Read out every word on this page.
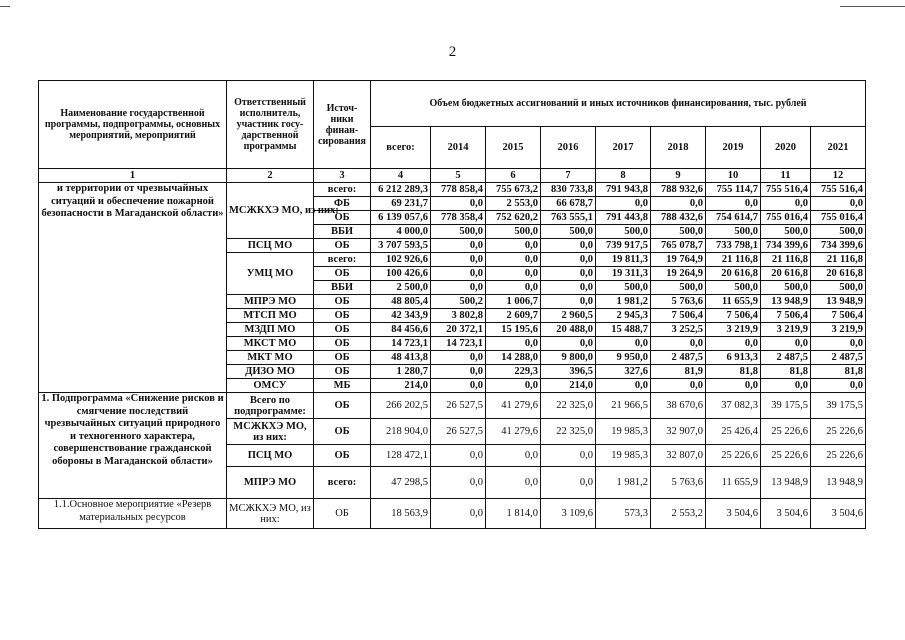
2
Наименование государственной программы, подпрограммы, основных мероприятий, мероприятий	Ответственный исполнитель, участник госу-дарственной программы	Источ-ники финан-сирования	Объем бюджетных ассигнований и иных источников финансирования, тыс. рублей								
			всего:	2014	2015	2016	2017	2018	2019	2020	2021
1	2	3	4	5	6	7	8	9	10	11	12
и территории от чрезвычайных ситуаций и обеспечение пожарной безопасности в Магаданской области»	МСЖКХЭ МО, из них:	всего:	6 212 289,3	778 858,4	755 673,2	830 733,8	791 943,8	788 932,6	755 114,7	755 516,4	755 516,4
		ФБ	69 231,7	0,0	2 553,0	66 678,7	0,0	0,0	0,0	0,0	0,0
		ОБ	6 139 057,6	778 358,4	752 620,2	763 555,1	791 443,8	788 432,6	754 614,7	755 016,4	755 016,4
		ВБИ	4 000,0	500,0	500,0	500,0	500,0	500,0	500,0	500,0	500,0
	ПСЦ МО	ОБ	3 707 593,5	0,0	0,0	0,0	739 917,5	765 078,7	733 798,1	734 399,6	734 399,6
	УМЦ МО	всего:	102 926,6	0,0	0,0	0,0	19 811,3	19 764,9	21 116,8	21 116,8	21 116,8
		ОБ	100 426,6	0,0	0,0	0,0	19 311,3	19 264,9	20 616,8	20 616,8	20 616,8
		ВБИ	2 500,0	0,0	0,0	0,0	500,0	500,0	500,0	500,0	500,0
	МПРЭ МО	ОБ	48 805,4	500,2	1 006,7	0,0	1 981,2	5 763,6	11 655,9	13 948,9	13 948,9
	МТСП МО	ОБ	42 343,9	3 802,8	2 609,7	2 960,5	2 945,3	7 506,4	7 506,4	7 506,4	7 506,4
	МЗДП МО	ОБ	84 456,6	20 372,1	15 195,6	20 488,0	15 488,7	3 252,5	3 219,9	3 219,9	3 219,9
	МКСТ МО	ОБ	14 723,1	14 723,1	0,0	0,0	0,0	0,0	0,0	0,0	0,0
	МКТ МО	ОБ	48 413,8	0,0	14 288,0	9 800,0	9 950,0	2 487,5	6 913,3	2 487,5	2 487,5
	ДИЗО МО	ОБ	1 280,7	0,0	229,3	396,5	327,6	81,9	81,8	81,8	81,8
	ОМСУ	МБ	214,0	0,0	0,0	214,0	0,0	0,0	0,0	0,0	0,0
1. Подпрограмма «Снижение рисков и смягчение последствий чрезвычайных ситуаций природного и техногенного характера, совершенствование гражданской обороны в Магаданской области»	Всего по подпрограмме:	ОБ	266 202,5	26 527,5	41 279,6	22 325,0	21 966,5	38 670,6	37 082,3	39 175,5	39 175,5
	МСЖКХЭ МО, из них:	ОБ	218 904,0	26 527,5	41 279,6	22 325,0	19 985,3	32 907,0	25 426,4	25 226,6	25 226,6
	ПСЦ МО	ОБ	128 472,1	0,0	0,0	0,0	19 985,3	32 807,0	25 226,6	25 226,6	25 226,6
	МПРЭ МО	всего:	47 298,5	0,0	0,0	0,0	1 981,2	5 763,6	11 655,9	13 948,9	13 948,9
1.1.Основное мероприятие «Резерв материальных ресурсов	МСЖКХЭ МО, из них:	ОБ	18 563,9	0,0	1 814,0	3 109,6	573,3	2 553,2	3 504,6	3 504,6	3 504,6
